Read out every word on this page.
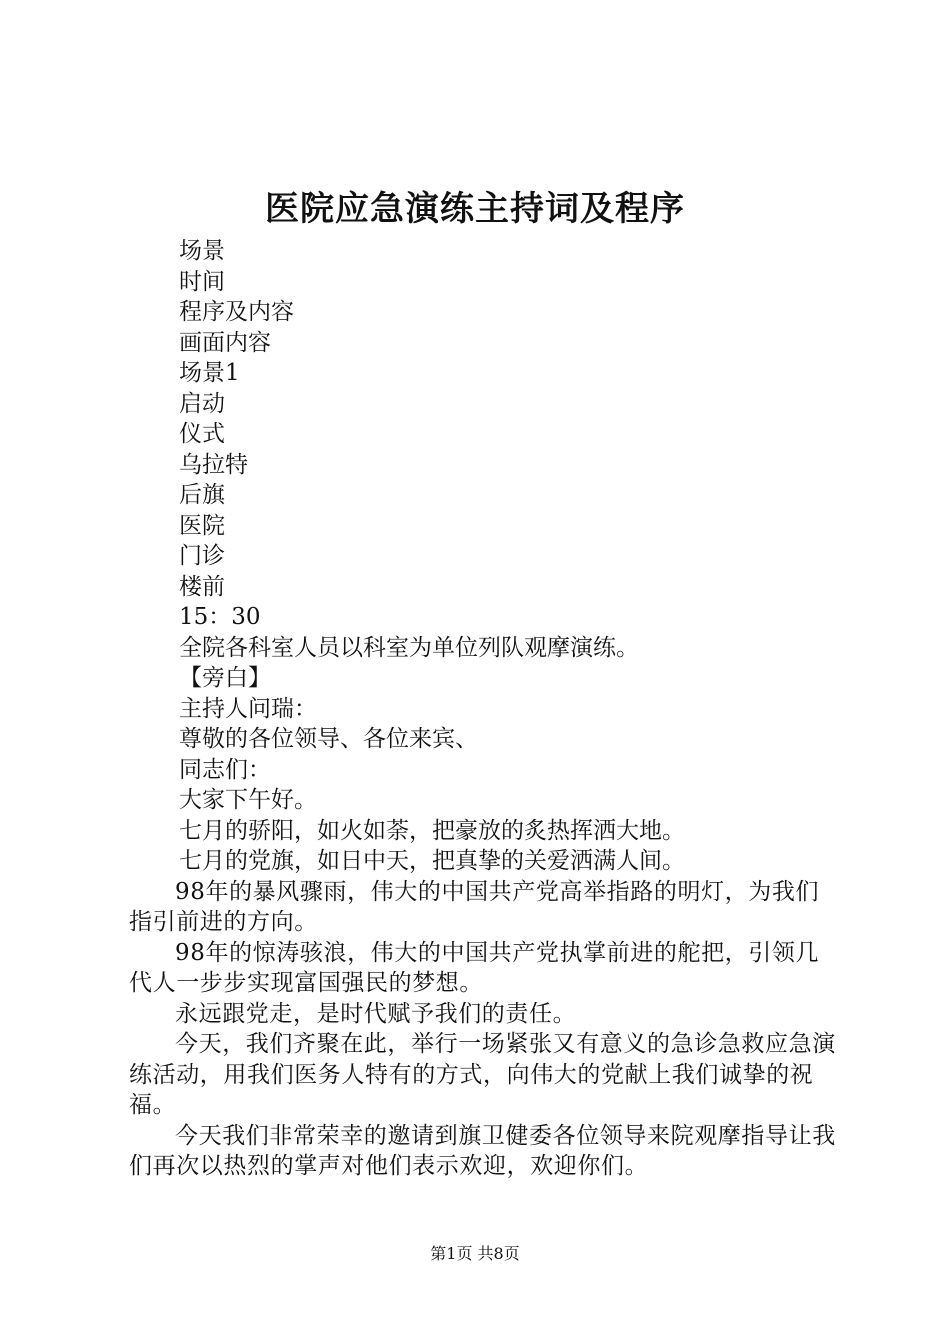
医院应急演练主持词及程序
场景
时间
程序及内容
画面内容
场景1
启动
仪式
乌拉特
后旗
医院
门诊
楼前
15：30
全院各科室人员以科室为单位列队观摩演练。
【旁白】
主持人问瑞：
尊敬的各位领导、各位来宾、
同志们：
大家下午好。
七月的骄阳，如火如荼，把豪放的炙热挥洒大地。
七月的党旗，如日中天，把真挚的关爱洒满人间。
98年的暴风骤雨，伟大的中国共产党高举指路的明灯，为我们指引前进的方向。
98年的惊涛骇浪，伟大的中国共产党执掌前进的舵把，引领几代人一步步实现富国强民的梦想。
永远跟党走，是时代赋予我们的责任。
今天，我们齐聚在此，举行一场紧张又有意义的急诊急救应急演练活动，用我们医务人特有的方式，向伟大的党献上我们诚挚的祝福。
今天我们非常荣幸的邀请到旗卫健委各位领导来院观摩指导让我们再次以热烈的掌声对他们表示欢迎，欢迎你们。
第1页 共8页
